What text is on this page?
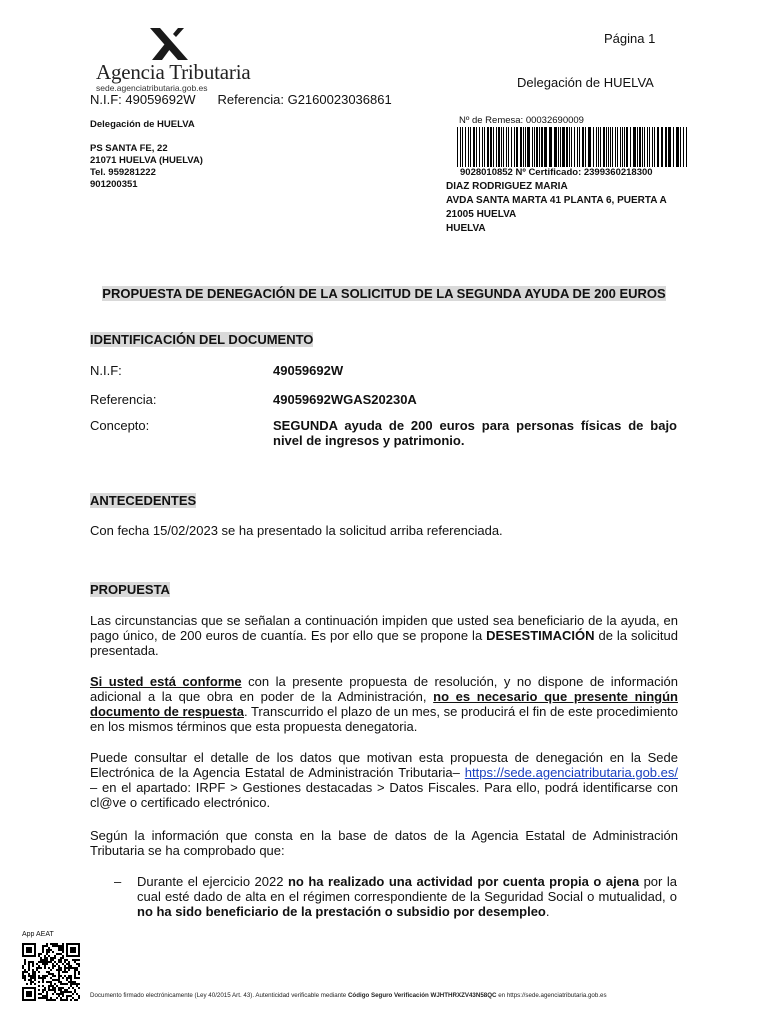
Agencia Tributaria
sede.agenciatributaria.gob.es
Página 1
Delegación de HUELVA
N.I.F: 49059692W Referencia: G2160023036861
Delegación de HUELVA
PS SANTA FE, 22
21071 HUELVA (HUELVA)
Tel. 959281222
901200351
Nº de Remesa: 00032690009
9028010852 Nº Certificado: 2399360218300
DIAZ RODRIGUEZ MARIA
AVDA SANTA MARTA 41 PLANTA 6, PUERTA A
21005 HUELVA
HUELVA
PROPUESTA DE DENEGACIÓN DE LA SOLICITUD DE LA SEGUNDA AYUDA DE 200 EUROS
IDENTIFICACIÓN DEL DOCUMENTO
N.I.F:	49059692W
Referencia:	49059692WGAS20230A
Concepto:	SEGUNDA ayuda de 200 euros para personas físicas de bajo nivel de ingresos y patrimonio.
ANTECEDENTES
Con fecha 15/02/2023 se ha presentado la solicitud arriba referenciada.
PROPUESTA
Las circunstancias que se señalan a continuación impiden que usted sea beneficiario de la ayuda, en pago único, de 200 euros de cuantía. Es por ello que se propone la DESESTIMACIÓN de la solicitud presentada.
Si usted está conforme con la presente propuesta de resolución, y no dispone de información adicional a la que obra en poder de la Administración, no es necesario que presente ningún documento de respuesta. Transcurrido el plazo de un mes, se producirá el fin de este procedimiento en los mismos términos que esta propuesta denegatoria.
Puede consultar el detalle de los datos que motivan esta propuesta de denegación en la Sede Electrónica de la Agencia Estatal de Administración Tributaria– https://sede.agenciatributaria.gob.es/ – en el apartado: IRPF > Gestiones destacadas > Datos Fiscales. Para ello, podrá identificarse con cl@ve o certificado electrónico.
Según la información que consta en la base de datos de la Agencia Estatal de Administración Tributaria se ha comprobado que:
– Durante el ejercicio 2022 no ha realizado una actividad por cuenta propia o ajena por la cual esté dado de alta en el régimen correspondiente de la Seguridad Social o mutualidad, o no ha sido beneficiario de la prestación o subsidio por desempleo.
App AEAT
Documento firmado electrónicamente (Ley 40/2015 Art. 43). Autenticidad verificable mediante Código Seguro Verificación WJHTHRXZV43N58QC en https://sede.agenciatributaria.gob.es
